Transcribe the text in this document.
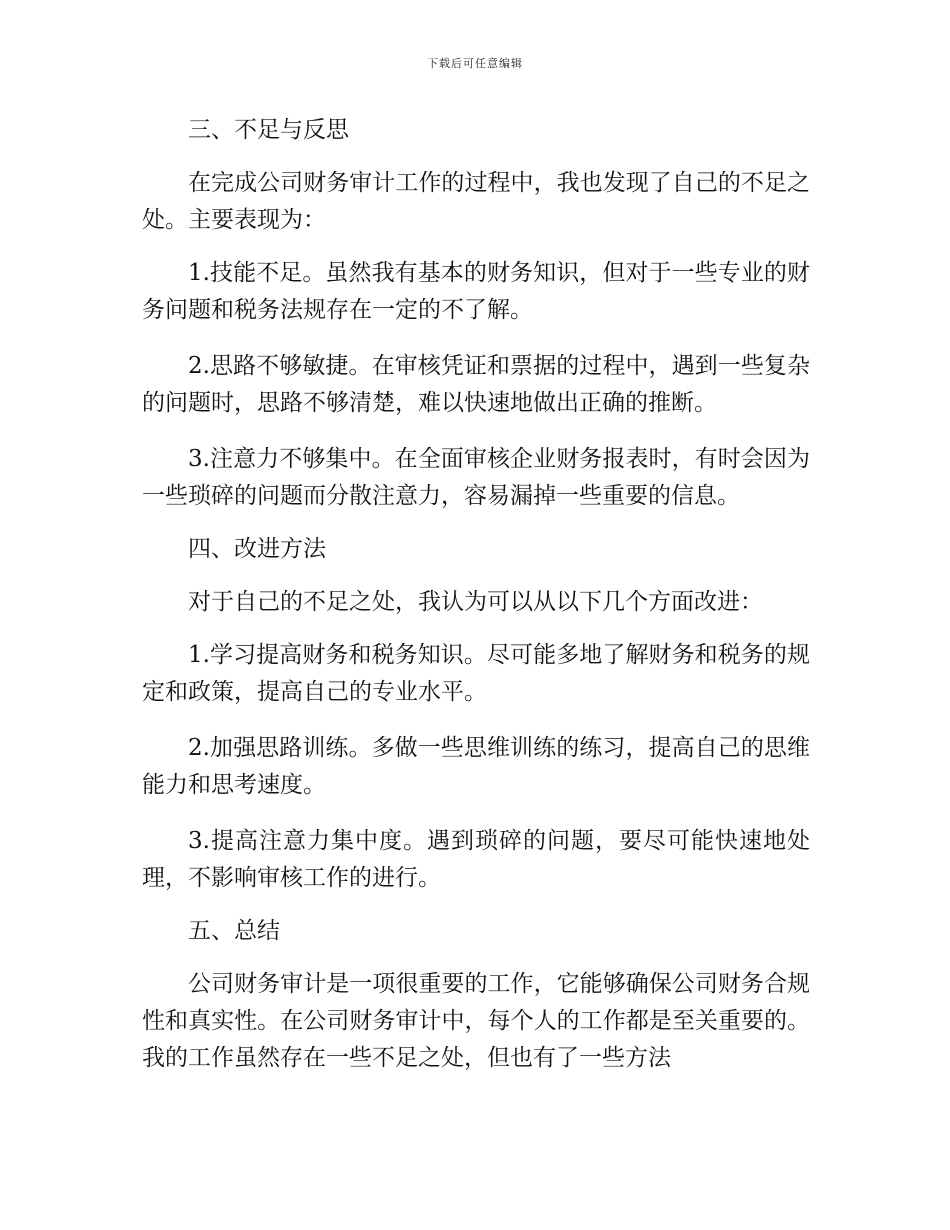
下载后可任意编辑

三、不足与反思

在完成公司财务审计工作的过程中，我也发现了自己的不足之处。主要表现为：

1.技能不足。虽然我有基本的财务知识，但对于一些专业的财务问题和税务法规存在一定的不了解。

2.思路不够敏捷。在审核凭证和票据的过程中，遇到一些复杂的问题时，思路不够清楚，难以快速地做出正确的推断。

3.注意力不够集中。在全面审核企业财务报表时，有时会因为一些琐碎的问题而分散注意力，容易漏掉一些重要的信息。

四、改进方法

对于自己的不足之处，我认为可以从以下几个方面改进：

1.学习提高财务和税务知识。尽可能多地了解财务和税务的规定和政策，提高自己的专业水平。

2.加强思路训练。多做一些思维训练的练习，提高自己的思维能力和思考速度。

3.提高注意力集中度。遇到琐碎的问题，要尽可能快速地处理，不影响审核工作的进行。

五、总结

公司财务审计是一项很重要的工作，它能够确保公司财务合规性和真实性。在公司财务审计中，每个人的工作都是至关重要的。我的工作虽然存在一些不足之处，但也有了一些方法
